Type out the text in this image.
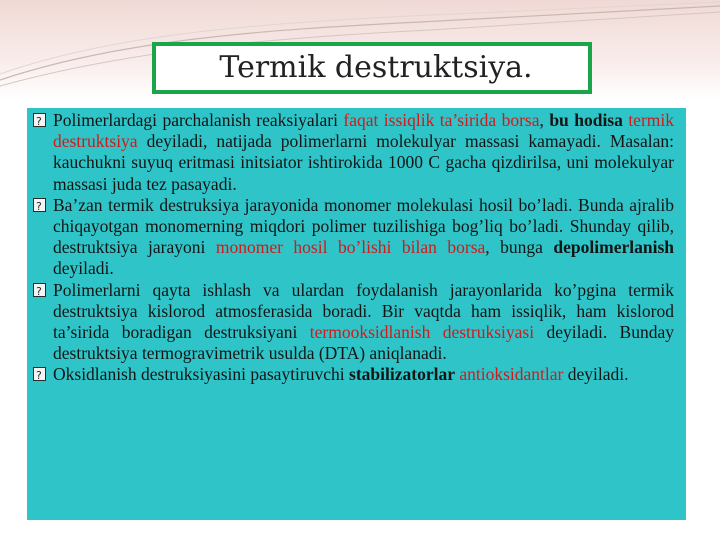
Termik destruktsiya.

?
Polimerlardagi parchalanish reaksiyalari faqat issiqlik ta’sirida borsa, bu hodisa termik destruktsiya deyiladi, natijada polimerlarni molekulyar massasi kamayadi. Masalan: kauchukni suyuq eritmasi initsiator ishtirokida 1000 C gacha qizdirilsa, uni molekulyar massasi juda tez pasayadi.

?
Ba’zan termik destruksiya jarayonida monomer molekulasi hosil bo’ladi. Bunda ajralib chiqayotgan monomerning miqdori polimer tuzilishiga bog’liq bo’ladi. Shunday qilib, destruktsiya jarayoni monomer hosil bo’lishi bilan borsa, bunga depolimerlanish deyiladi.

?
Polimerlarni qayta ishlash va ulardan foydalanish jarayonlarida ko’pgina termik destruktsiya kislorod atmosferasida boradi. Bir vaqtda ham issiqlik, ham kislorod ta’sirida boradigan destruksiyani termooksidlanish destruksiyasi deyiladi. Bunday destruktsiya termogravimetrik usulda (DTA) aniqlanadi.

?
Oksidlanish destruksiyasini pasaytiruvchi stabilizatorlar antioksidantlar deyiladi.
